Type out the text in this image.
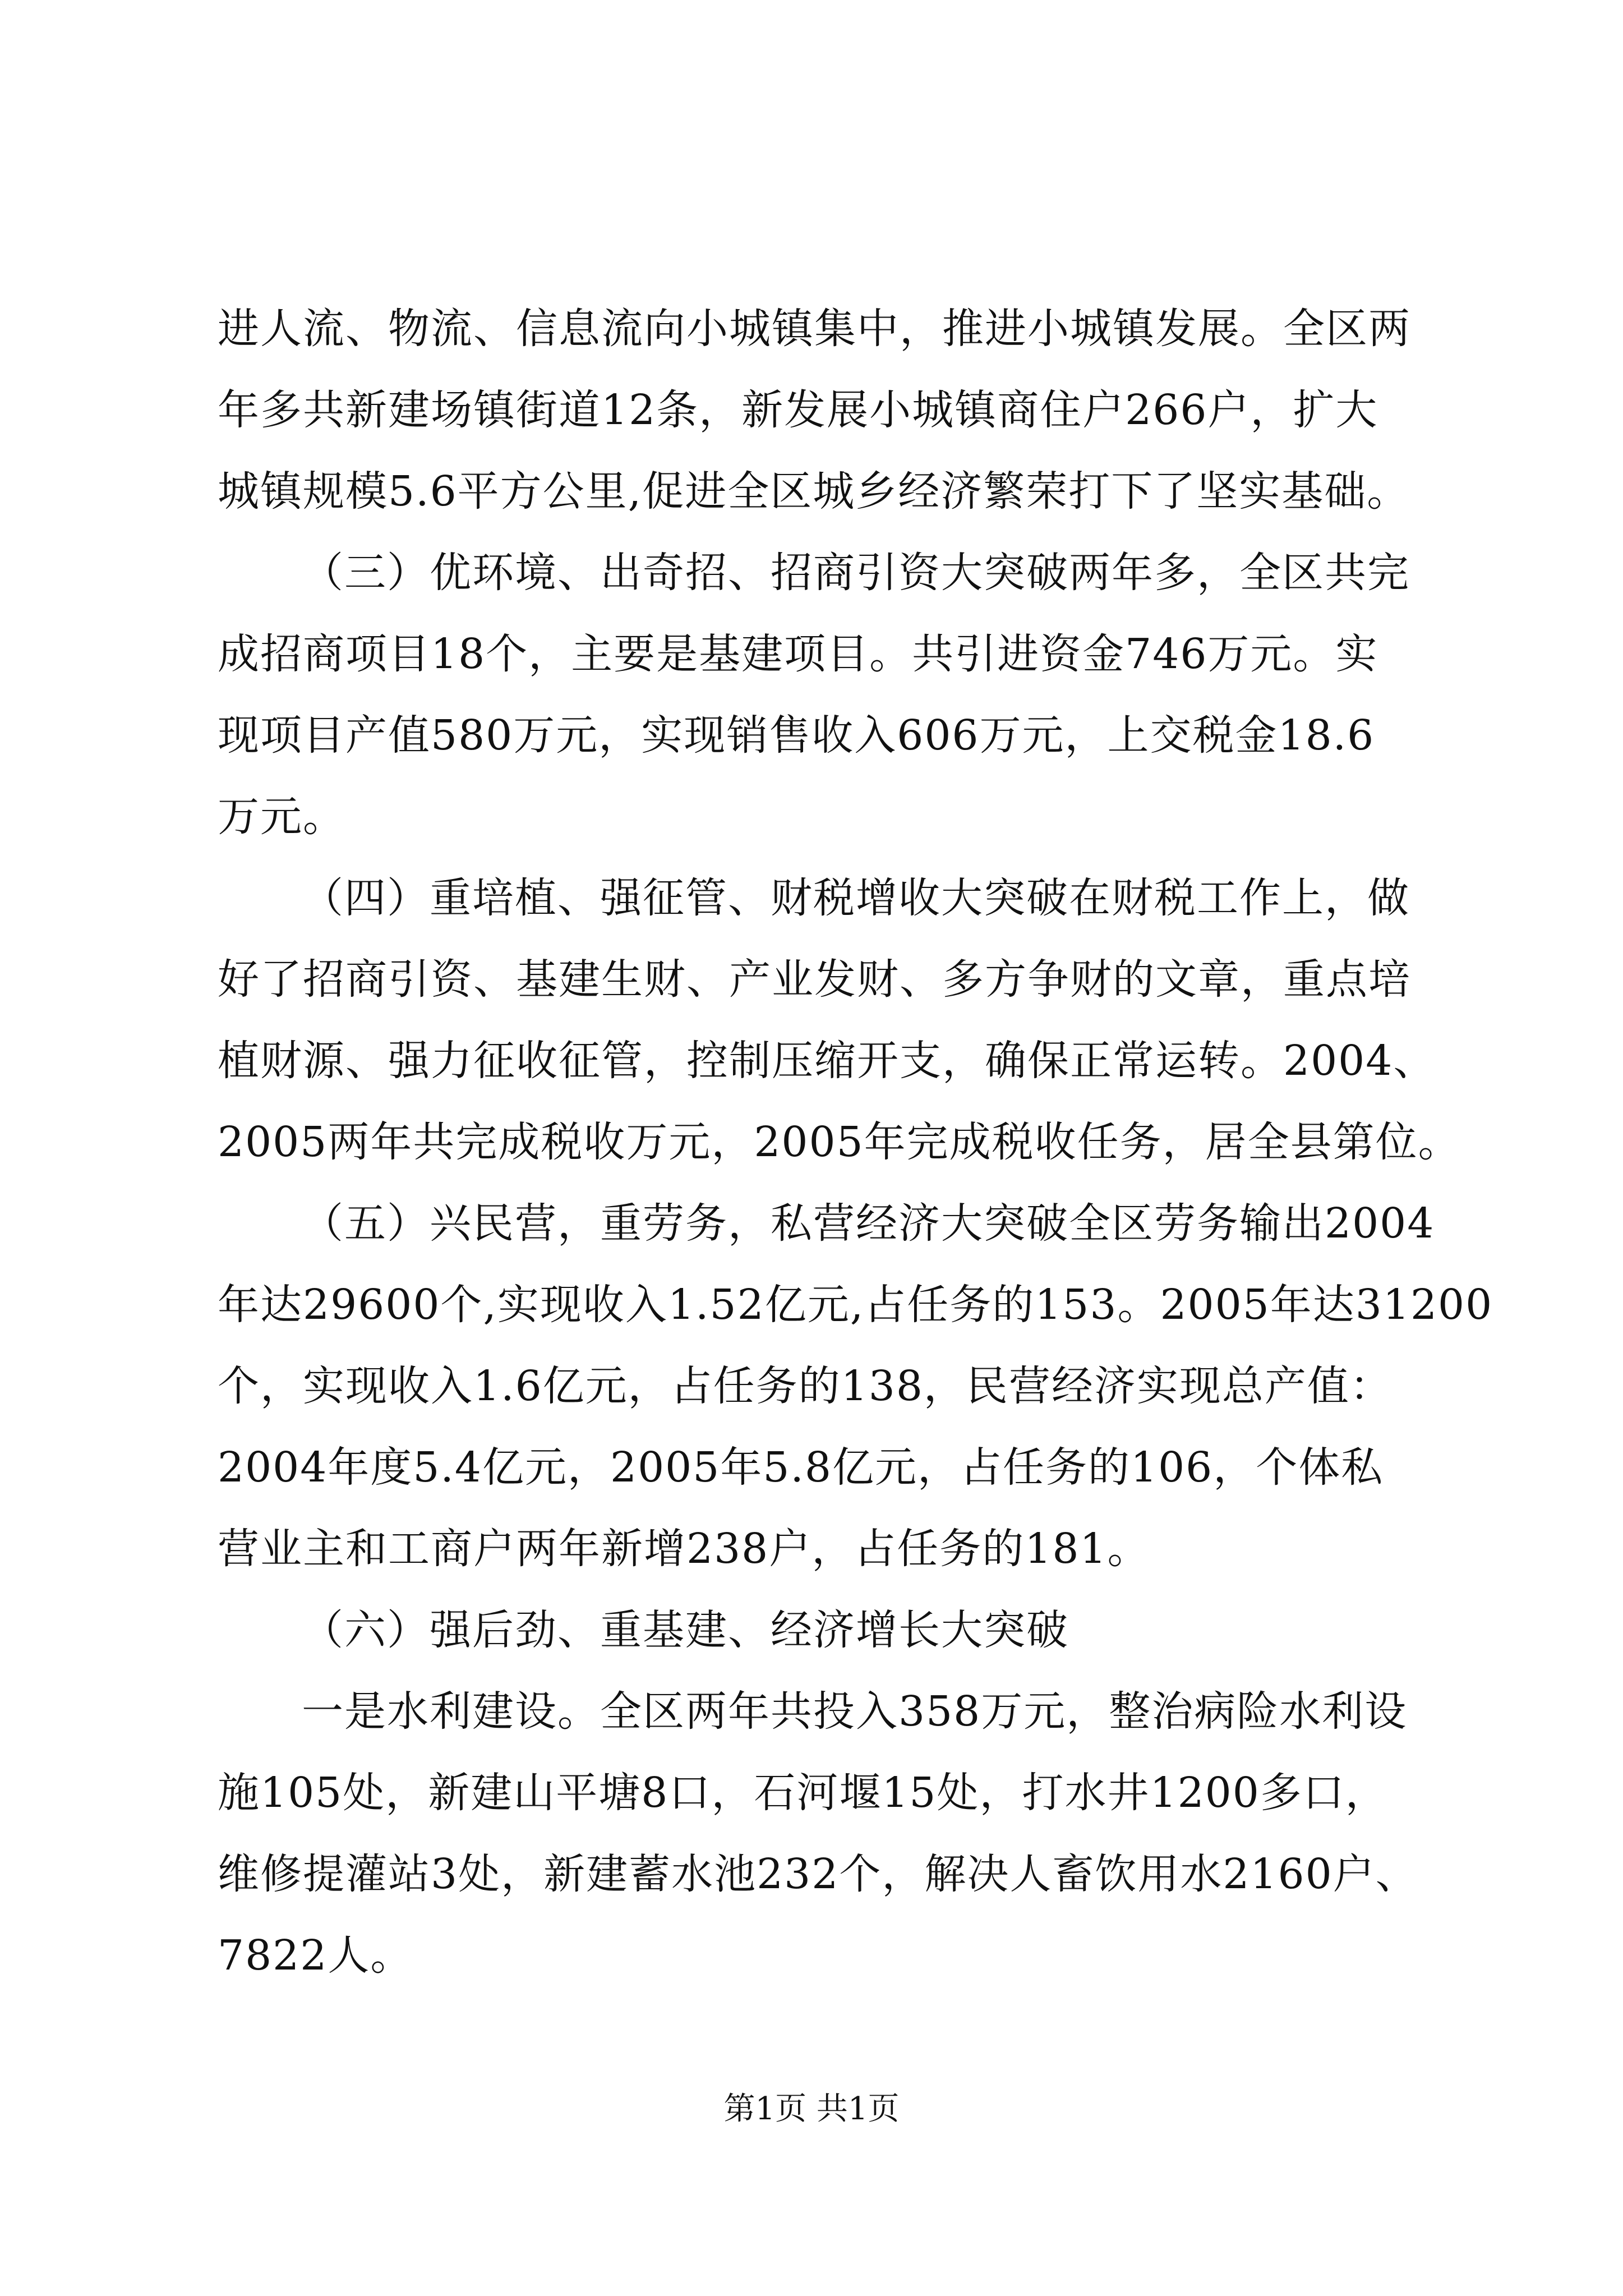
进人流、物流、信息流向小城镇集中，推进小城镇发展。全区两
年多共新建场镇街道12条，新发展小城镇商住户266户，扩大
城镇规模5.6平方公里,促进全区城乡经济繁荣打下了坚实基础。
（三）优环境、出奇招、招商引资大突破两年多，全区共完
成招商项目18个，主要是基建项目。共引进资金746万元。实
现项目产值580万元，实现销售收入606万元，上交税金18.6
万元。
（四）重培植、强征管、财税增收大突破在财税工作上，做
好了招商引资、基建生财、产业发财、多方争财的文章，重点培
植财源、强力征收征管，控制压缩开支，确保正常运转。2004、
2005两年共完成税收万元，2005年完成税收任务，居全县第位。
（五）兴民营，重劳务，私营经济大突破全区劳务输出2004
年达29600个,实现收入1.52亿元,占任务的153。2005年达31200
个，实现收入1.6亿元，占任务的138，民营经济实现总产值：
2004年度5.4亿元，2005年5.8亿元，占任务的106，个体私
营业主和工商户两年新增238户，占任务的181。
（六）强后劲、重基建、经济增长大突破
一是水利建设。全区两年共投入358万元，整治病险水利设
施105处，新建山平塘8口，石河堰15处，打水井1200多口，
维修提灌站3处，新建蓄水池232个，解决人畜饮用水2160户、
7822人。
第1页 共1页
